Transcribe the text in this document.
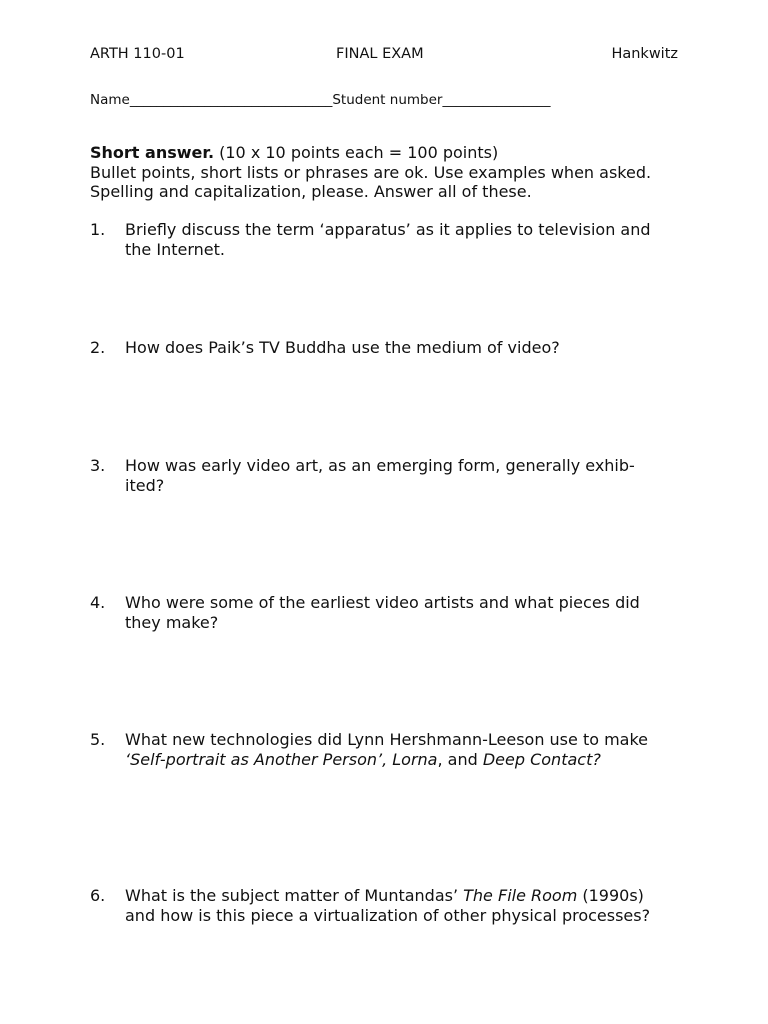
ARTH 110-01	FINAL EXAM	Hankwitz
Name______________________________Student number________________
Short answer. (10 x 10 points each = 100 points)
Bullet points, short lists or phrases are ok. Use examples when asked.
Spelling and capitalization, please. Answer all of these.
1. Briefly discuss the term ‘apparatus’ as it applies to television and
the Internet.
2. How does Paik’s TV Buddha use the medium of video?
3. How was early video art, as an emerging form, generally exhib-
ited?
4. Who were some of the earliest video artists and what pieces did
they make?
5. What new technologies did Lynn Hershmann-Leeson use to make
‘Self-portrait as Another Person’, Lorna, and Deep Contact?
6. What is the subject matter of Muntandas’ The File Room (1990s)
and how is this piece a virtualization of other physical processes?
